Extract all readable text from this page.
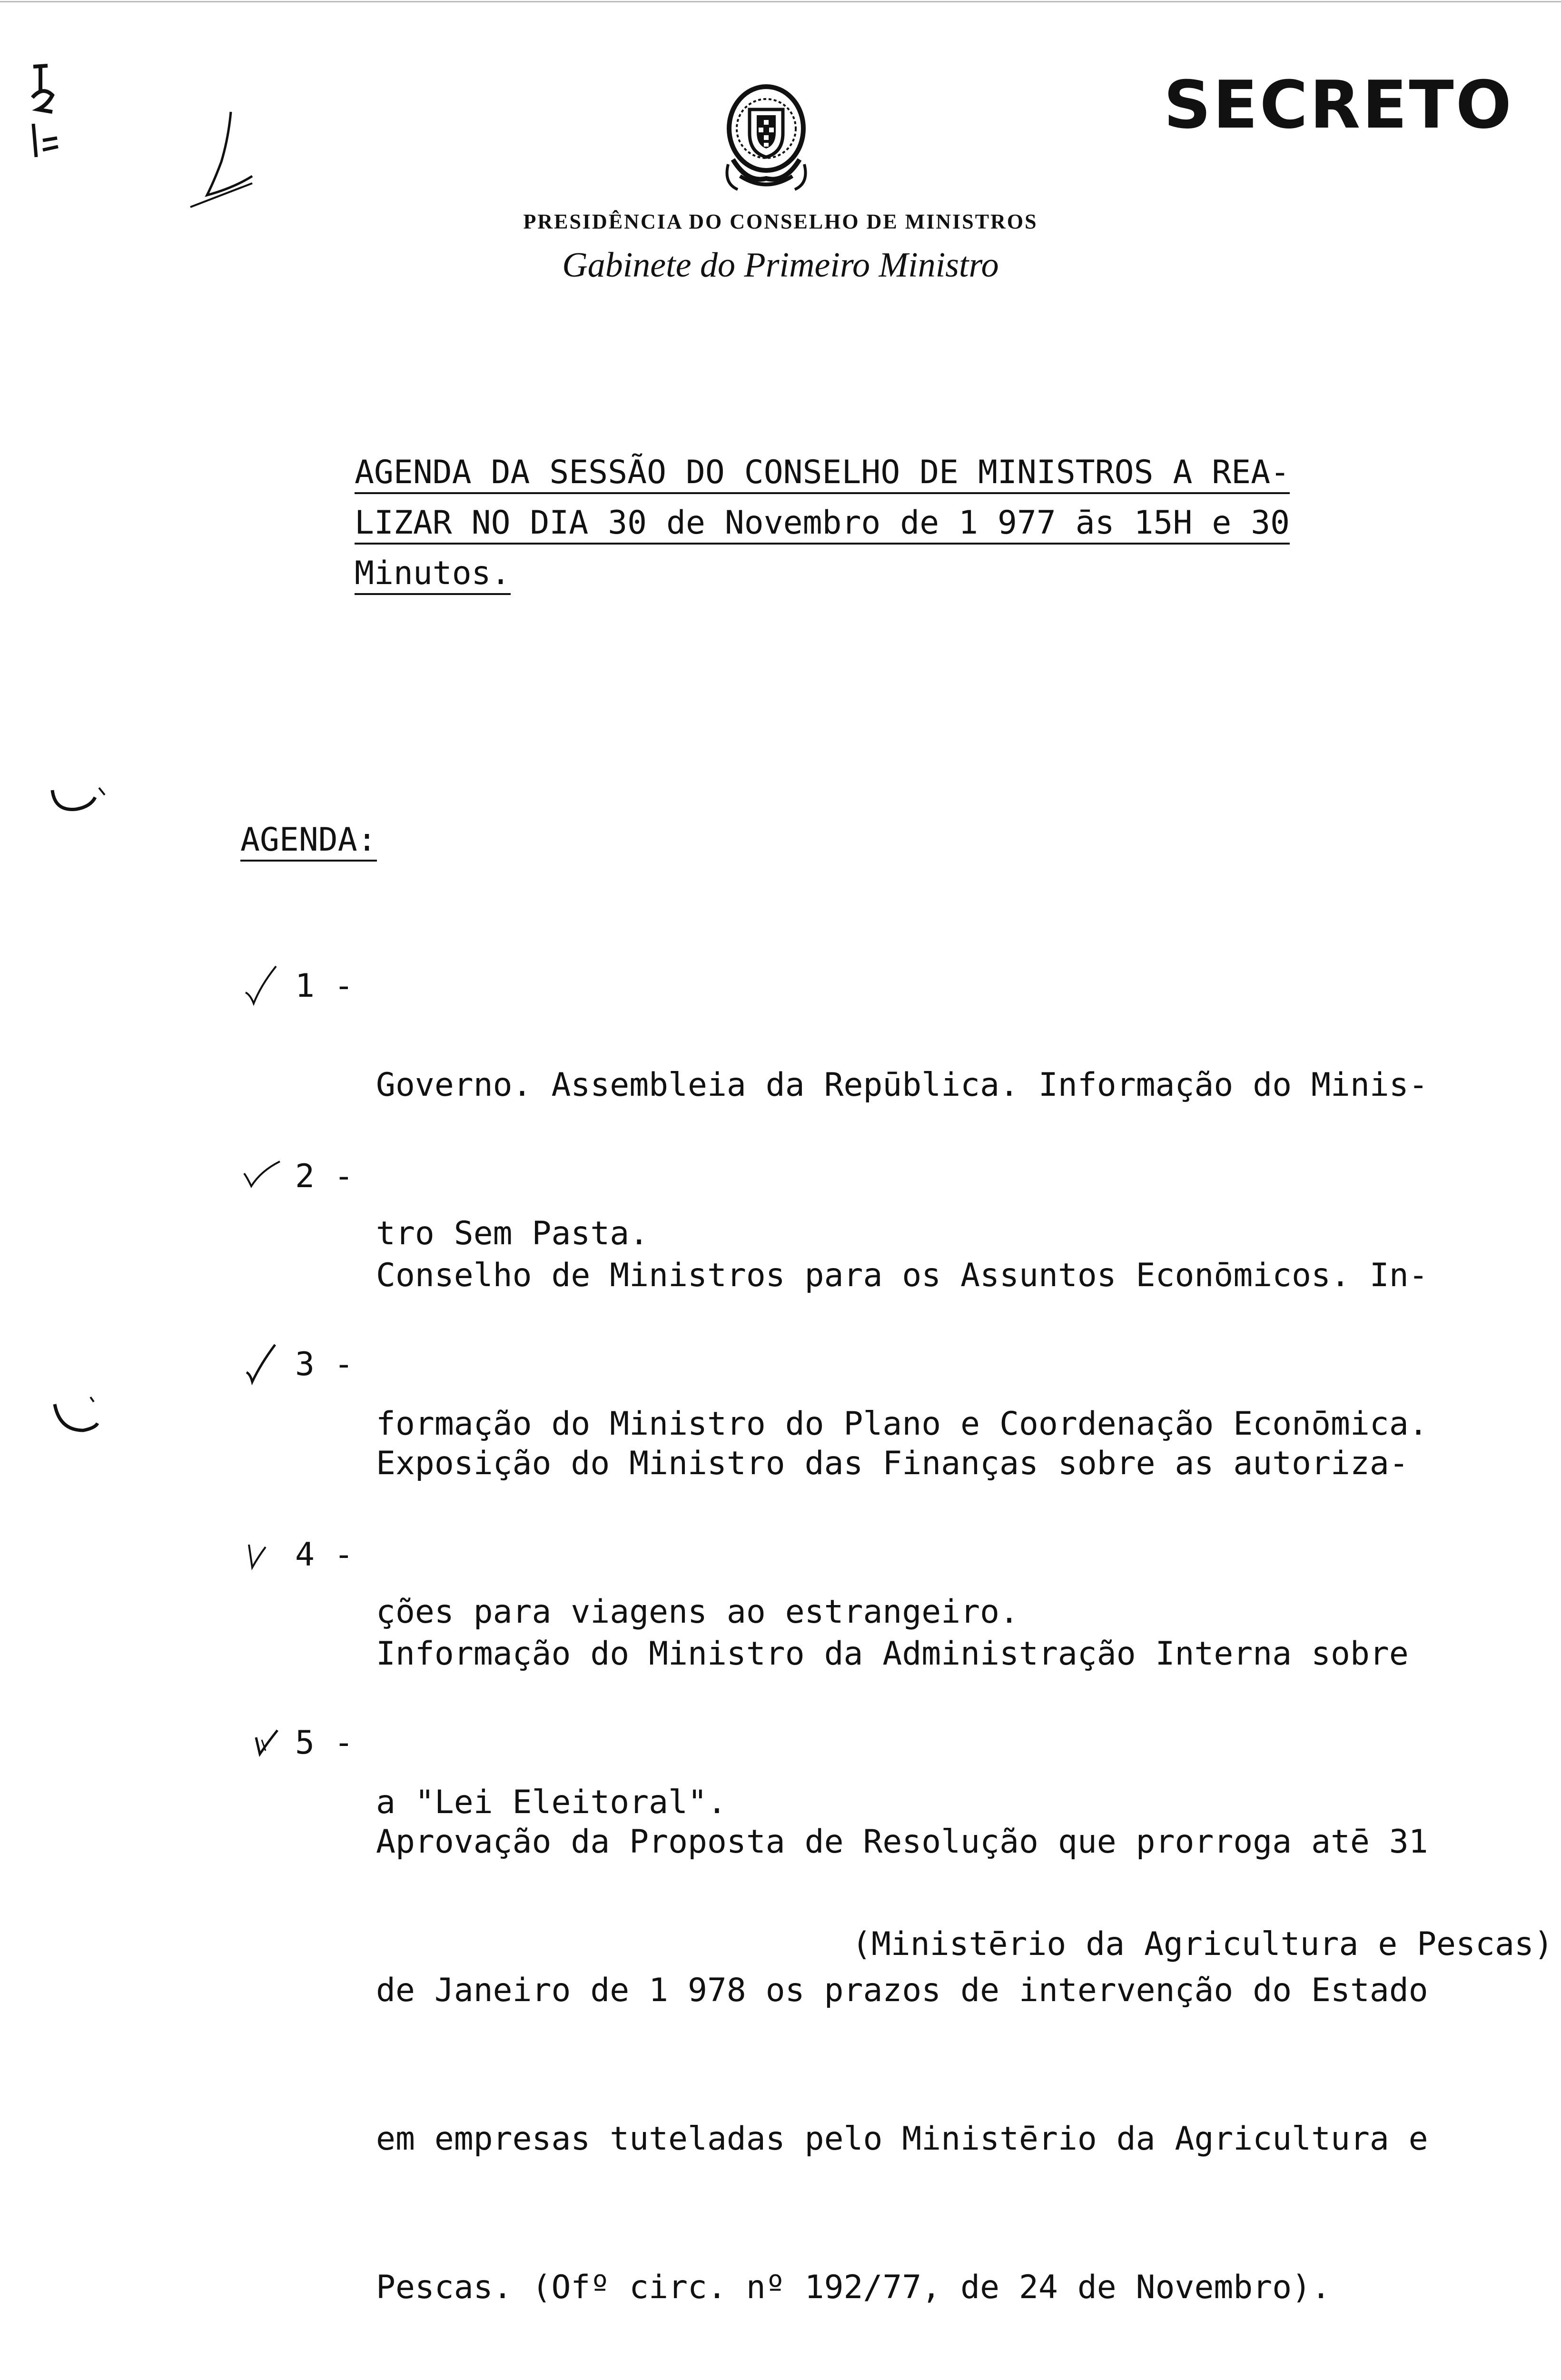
SECRETO
PRESIDÊNCIA DO CONSELHO DE MINISTROS
Gabinete do Primeiro Ministro
AGENDA DA SESSÃO DO CONSELHO DE MINISTROS A REA-
LIZAR NO DIA 30 de Novembro de 1 977 ās 15H e 30
Minutos.
AGENDA:
1 -

Governo. Assembleia da Repūblica. Informação do Minis-

tro Sem Pasta.

2 -

Conselho de Ministros para os Assuntos Econōmicos. In-

formação do Ministro do Plano e Coordenação Econōmica.

3 -

Exposição do Ministro das Finanças sobre as autoriza-

ções para viagens ao estrangeiro.

4 -

Informação do Ministro da Administração Interna sobre

a "Lei Eleitoral".

5 -

Aprovação da Proposta de Resolução que prorroga atē 31

de Janeiro de 1 978 os prazos de intervenção do Estado

em empresas tuteladas pelo Ministērio da Agricultura e

Pescas. (Ofº circ. nº 192/77, de 24 de Novembro).

(Ministērio da Agricultura e Pescas)
